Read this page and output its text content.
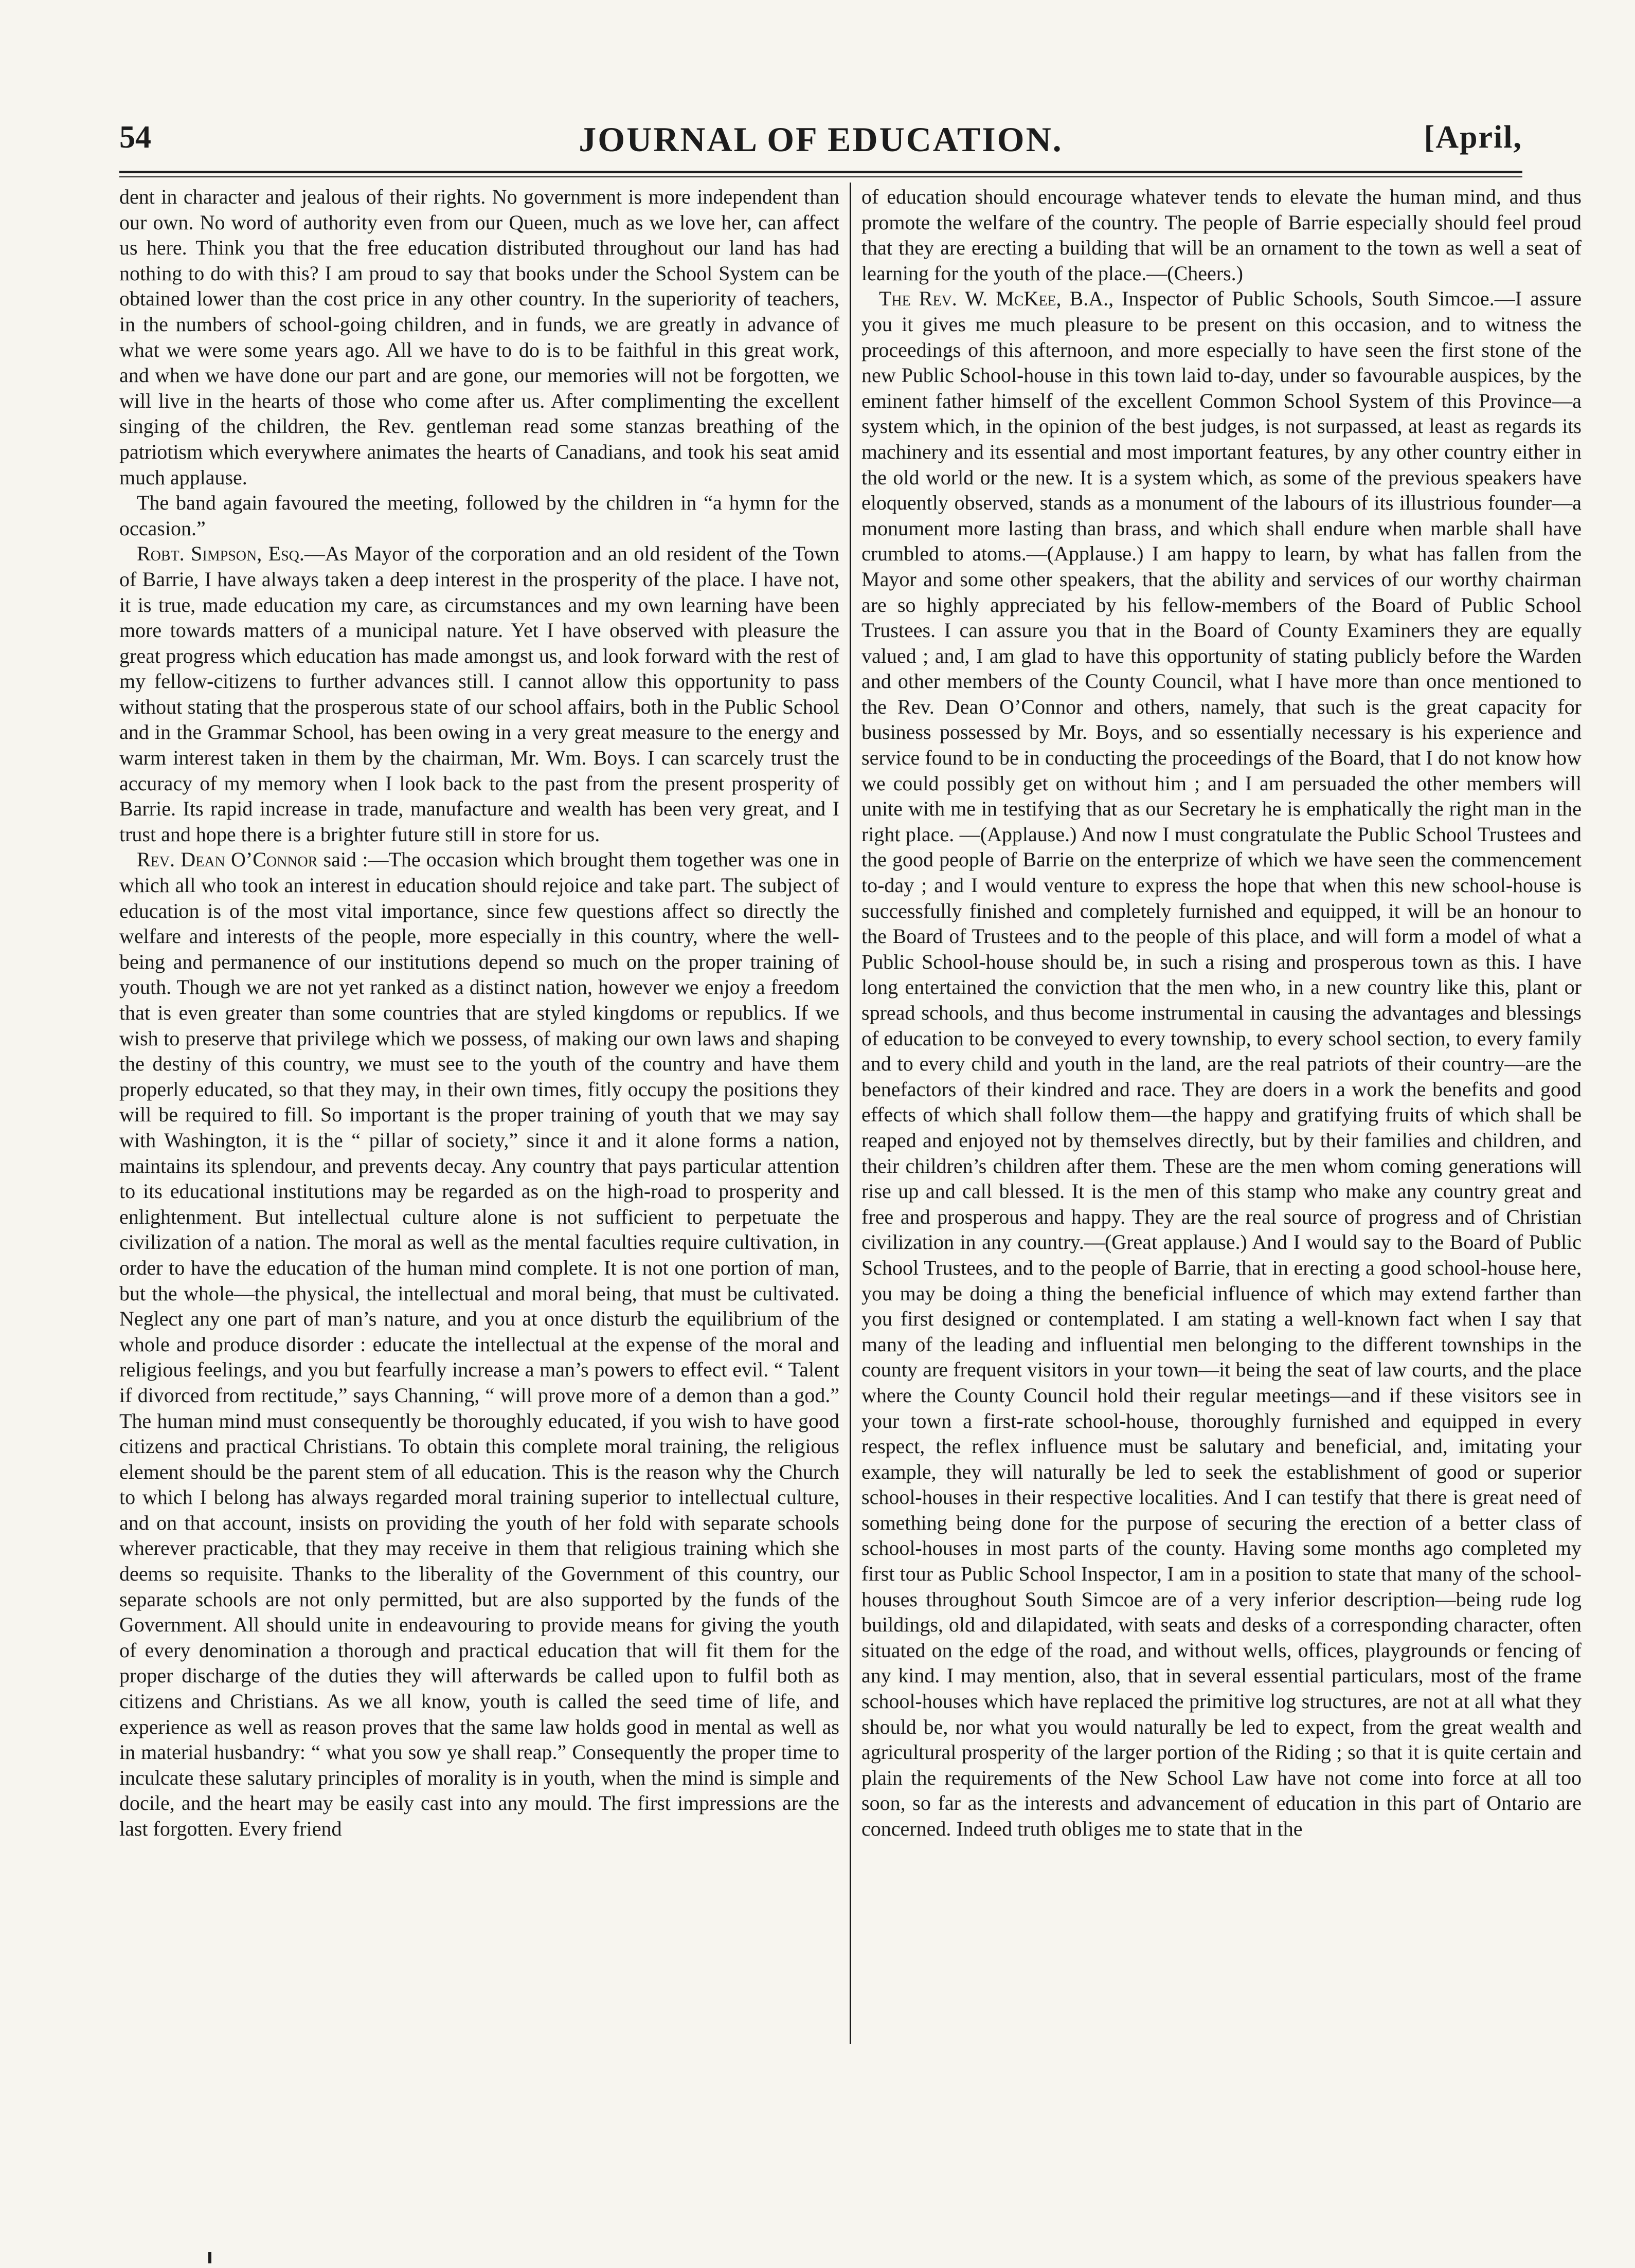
54	JOURNAL OF EDUCATION.	[April,

dent in character and jealous of their rights. No government is more independent than our own. No word of authority even from our Queen, much as we love her, can affect us here. Think you that the free education distributed throughout our land has had nothing to do with this? I am proud to say that books under the School System can be obtained lower than the cost price in any other country. In the superiority of teachers, in the numbers of school-going children, and in funds, we are greatly in advance of what we were some years ago. All we have to do is to be faithful in this great work, and when we have done our part and are gone, our memories will not be forgotten, we will live in the hearts of those who come after us. After complimenting the excellent singing of the children, the Rev. gentleman read some stanzas breathing of the patriotism which everywhere animates the hearts of Canadians, and took his seat amid much applause.

The band again favoured the meeting, followed by the children in “a hymn for the occasion.”

Robt. Simpson, Esq.—As Mayor of the corporation and an old resident of the Town of Barrie, I have always taken a deep interest in the prosperity of the place. I have not, it is true, made education my care, as circumstances and my own learning have been more towards matters of a municipal nature. Yet I have observed with pleasure the great progress which education has made amongst us, and look forward with the rest of my fellow-citizens to further advances still. I cannot allow this opportunity to pass without stating that the prosperous state of our school affairs, both in the Public School and in the Grammar School, has been owing in a very great measure to the energy and warm interest taken in them by the chairman, Mr. Wm. Boys. I can scarcely trust the accuracy of my memory when I look back to the past from the present prosperity of Barrie. Its rapid increase in trade, manufacture and wealth has been very great, and I trust and hope there is a brighter future still in store for us.

Rev. Dean O’Connor said :—The occasion which brought them together was one in which all who took an interest in education should rejoice and take part. The subject of education is of the most vital importance, since few questions affect so directly the welfare and interests of the people, more especially in this country, where the well-being and permanence of our institutions depend so much on the proper training of youth. Though we are not yet ranked as a distinct nation, however we enjoy a freedom that is even greater than some countries that are styled kingdoms or republics. If we wish to preserve that privilege which we possess, of making our own laws and shaping the destiny of this country, we must see to the youth of the country and have them properly educated, so that they may, in their own times, fitly occupy the positions they will be required to fill. So important is the proper training of youth that we may say with Washington, it is the “ pillar of society,” since it and it alone forms a nation, maintains its splendour, and prevents decay. Any country that pays particular attention to its educational institutions may be regarded as on the high-road to prosperity and enlightenment. But intellectual culture alone is not sufficient to perpetuate the civilization of a nation. The moral as well as the mental faculties require cultivation, in order to have the education of the human mind complete. It is not one portion of man, but the whole—the physical, the intellectual and moral being, that must be cultivated. Neglect any one part of man’s nature, and you at once disturb the equilibrium of the whole and produce disorder : educate the intellectual at the expense of the moral and religious feelings, and you but fearfully increase a man’s powers to effect evil. “ Talent if divorced from rectitude,” says Channing, “ will prove more of a demon than a god.” The human mind must consequently be thoroughly educated, if you wish to have good citizens and practical Christians. To obtain this complete moral training, the religious element should be the parent stem of all education. This is the reason why the Church to which I belong has always regarded moral training superior to intellectual culture, and on that account, insists on providing the youth of her fold with separate schools wherever practicable, that they may receive in them that religious training which she deems so requisite. Thanks to the liberality of the Government of this country, our separate schools are not only permitted, but are also supported by the funds of the Government. All should unite in endeavouring to provide means for giving the youth of every denomination a thorough and practical education that will fit them for the proper discharge of the duties they will afterwards be called upon to fulfil both as citizens and Christians. As we all know, youth is called the seed time of life, and experience as well as reason proves that the same law holds good in mental as well as in material husbandry: “ what you sow ye shall reap.” Consequently the proper time to inculcate these salutary principles of morality is in youth, when the mind is simple and docile, and the heart may be easily cast into any mould. The first impressions are the last forgotten. Every friend

of education should encourage whatever tends to elevate the human mind, and thus promote the welfare of the country. The people of Barrie especially should feel proud that they are erecting a building that will be an ornament to the town as well a seat of learning for the youth of the place.—(Cheers.)

The Rev. W. McKee, B.A., Inspector of Public Schools, South Simcoe.—I assure you it gives me much pleasure to be present on this occasion, and to witness the proceedings of this afternoon, and more especially to have seen the first stone of the new Public School-house in this town laid to-day, under so favourable auspices, by the eminent father himself of the excellent Common School System of this Province—a system which, in the opinion of the best judges, is not surpassed, at least as regards its machinery and its essential and most important features, by any other country either in the old world or the new. It is a system which, as some of the previous speakers have eloquently observed, stands as a monument of the labours of its illustrious founder—a monument more lasting than brass, and which shall endure when marble shall have crumbled to atoms.—(Applause.) I am happy to learn, by what has fallen from the Mayor and some other speakers, that the ability and services of our worthy chairman are so highly appreciated by his fellow-members of the Board of Public School Trustees. I can assure you that in the Board of County Examiners they are equally valued ; and, I am glad to have this opportunity of stating publicly before the Warden and other members of the County Council, what I have more than once mentioned to the Rev. Dean O’Connor and others, namely, that such is the great capacity for business possessed by Mr. Boys, and so essentially necessary is his experience and service found to be in conducting the proceedings of the Board, that I do not know how we could possibly get on without him ; and I am persuaded the other members will unite with me in testifying that as our Secretary he is emphatically the right man in the right place. —(Applause.) And now I must congratulate the Public School Trustees and the good people of Barrie on the enterprize of which we have seen the commencement to-day ; and I would venture to express the hope that when this new school-house is successfully finished and completely furnished and equipped, it will be an honour to the Board of Trustees and to the people of this place, and will form a model of what a Public School-house should be, in such a rising and prosperous town as this. I have long entertained the conviction that the men who, in a new country like this, plant or spread schools, and thus become instrumental in causing the advantages and blessings of education to be conveyed to every township, to every school section, to every family and to every child and youth in the land, are the real patriots of their country—are the benefactors of their kindred and race. They are doers in a work the benefits and good effects of which shall follow them—the happy and gratifying fruits of which shall be reaped and enjoyed not by themselves directly, but by their families and children, and their children’s children after them. These are the men whom coming generations will rise up and call blessed. It is the men of this stamp who make any country great and free and prosperous and happy. They are the real source of progress and of Christian civilization in any country.—(Great applause.) And I would say to the Board of Public School Trustees, and to the people of Barrie, that in erecting a good school-house here, you may be doing a thing the beneficial influence of which may extend farther than you first designed or contemplated. I am stating a well-known fact when I say that many of the leading and influential men belonging to the different townships in the county are frequent visitors in your town—it being the seat of law courts, and the place where the County Council hold their regular meetings—and if these visitors see in your town a first-rate school-house, thoroughly furnished and equipped in every respect, the reflex influence must be salutary and beneficial, and, imitating your example, they will naturally be led to seek the establishment of good or superior school-houses in their respective localities. And I can testify that there is great need of something being done for the purpose of securing the erection of a better class of school-houses in most parts of the county. Having some months ago completed my first tour as Public School Inspector, I am in a position to state that many of the school-houses throughout South Simcoe are of a very inferior description—being rude log buildings, old and dilapidated, with seats and desks of a corresponding character, often situated on the edge of the road, and without wells, offices, playgrounds or fencing of any kind. I may mention, also, that in several essential particulars, most of the frame school-houses which have replaced the primitive log structures, are not at all what they should be, nor what you would naturally be led to expect, from the great wealth and agricultural prosperity of the larger portion of the Riding ; so that it is quite certain and plain the requirements of the New School Law have not come into force at all too soon, so far as the interests and advancement of education in this part of Ontario are concerned. Indeed truth obliges me to state that in the
